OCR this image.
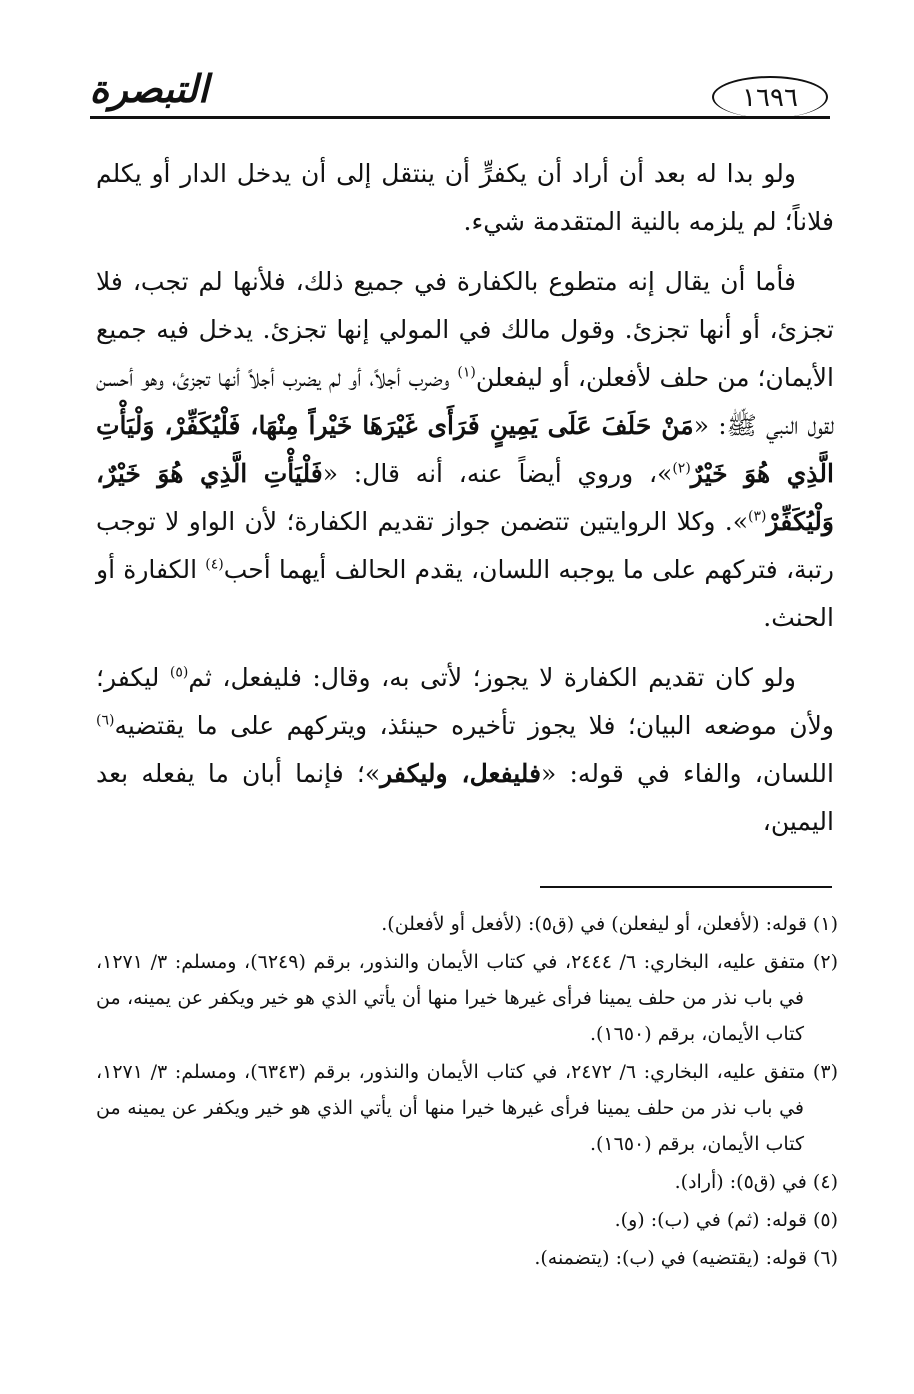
١٦٩٦
التبصرة

ولو بدا له بعد أن أراد أن يكفرٍّ أن ينتقل إلى أن يدخل الدار أو يكلم فلاناً؛ لم يلزمه بالنية المتقدمة شيء.

فأما أن يقال إنه متطوع بالكفارة في جميع ذلك، فلأنها لم تجب، فلا تجزئ، أو أنها تجزئ. وقول مالك في المولي إنها تجزئ. يدخل فيه جميع الأيمان؛ من حلف لأفعلن، أو ليفعلن$^{(١)}$ وضرب أجلاً، أو لم يضرب أجلاً أنها تجزئ، وهو أحسن لقول النبي ﷺ: «مَنْ حَلَفَ عَلَى يَمِينٍ فَرَأَى غَيْرَهَا خَيْراً مِنْهَا، فَلْيُكَفِّرْ، وَلْيَأْتِ الَّذِي هُوَ خَيْرٌ$^{(٢)}$»، وروي أيضاً عنه، أنه قال: «فَلْيَأْتِ الَّذِي هُوَ خَيْرٌ، وَلْيُكَفِّرْ$^{(٣)}$». وكلا الروايتين تتضمن جواز تقديم الكفارة؛ لأن الواو لا توجب رتبة، فتركهم على ما يوجبه اللسان، يقدم الحالف أيهما أحب$^{(٤)}$ الكفارة أو الحنث.

ولو كان تقديم الكفارة لا يجوز؛ لأتى به، وقال: فليفعل، ثم$^{(٥)}$ ليكفر؛ ولأن موضعه البيان؛ فلا يجوز تأخيره حينئذ، ويتركهم على ما يقتضيه$^{(٦)}$ اللسان، والفاء في قوله: «فليفعل، وليكفر»؛ فإنما أبان ما يفعله بعد اليمين،

(١) قوله: (لأفعلن، أو ليفعلن) في (ق٥): (لأفعل أو لأفعلن).
(٢) متفق عليه، البخاري: ٦/ ٢٤٤٤، في كتاب الأيمان والنذور، برقم (٦٢٤٩)، ومسلم: ٣/ ١٢٧١، في باب نذر من حلف يمينا فرأى غيرها خيرا منها أن يأتي الذي هو خير ويكفر عن يمينه، من كتاب الأيمان، برقم (١٦٥٠).
(٣) متفق عليه، البخاري: ٦/ ٢٤٧٢، في كتاب الأيمان والنذور، برقم (٦٣٤٣)، ومسلم: ٣/ ١٢٧١، في باب نذر من حلف يمينا فرأى غيرها خيرا منها أن يأتي الذي هو خير ويكفر عن يمينه من كتاب الأيمان، برقم (١٦٥٠).
(٤) في (ق٥): (أراد).
(٥) قوله: (ثم) في (ب): (و).
(٦) قوله: (يقتضيه) في (ب): (يتضمنه).
